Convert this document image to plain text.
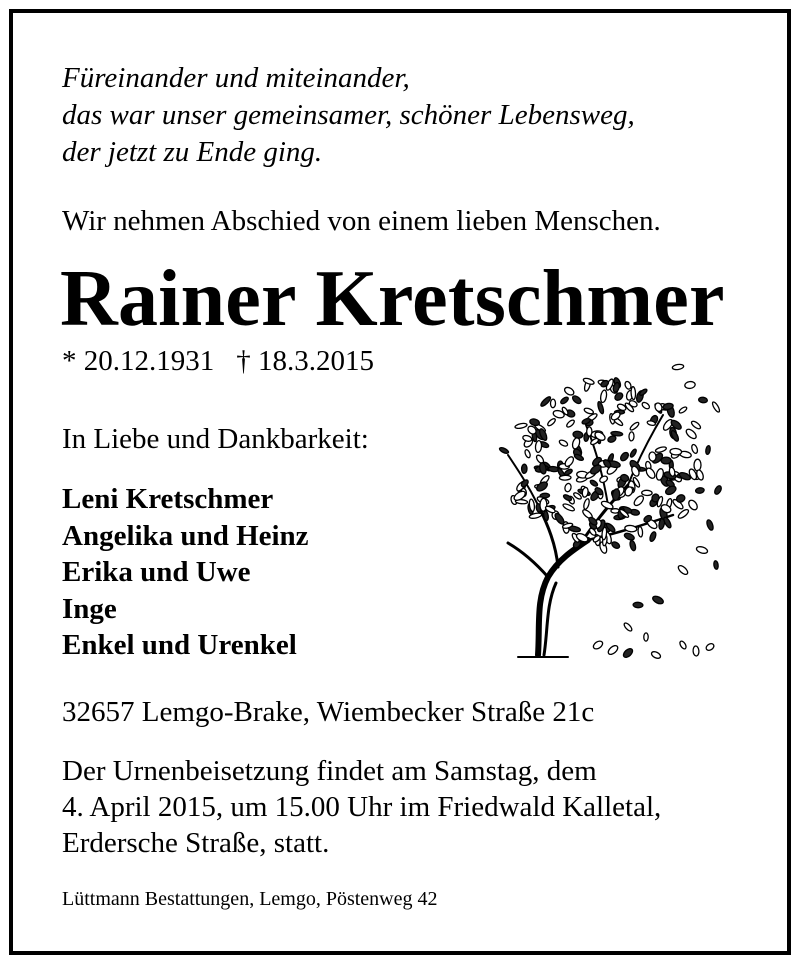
Füreinander und miteinander,
das war unser gemeinsamer, schöner Lebensweg,
der jetzt zu Ende ging.
Wir nehmen Abschied von einem lieben Menschen.
Rainer Kretschmer
* 20.12.1931 † 18.3.2015
In Liebe und Dankbarkeit:
Leni Kretschmer
Angelika und Heinz
Erika und Uwe
Inge
Enkel und Urenkel
32657 Lemgo-Brake, Wiembecker Straße 21c
Der Urnenbeisetzung findet am Samstag, dem
4. April 2015, um 15.00 Uhr im Friedwald Kalletal,
Erdersche Straße, statt.
Lüttmann Bestattungen, Lemgo, Pöstenweg 42
